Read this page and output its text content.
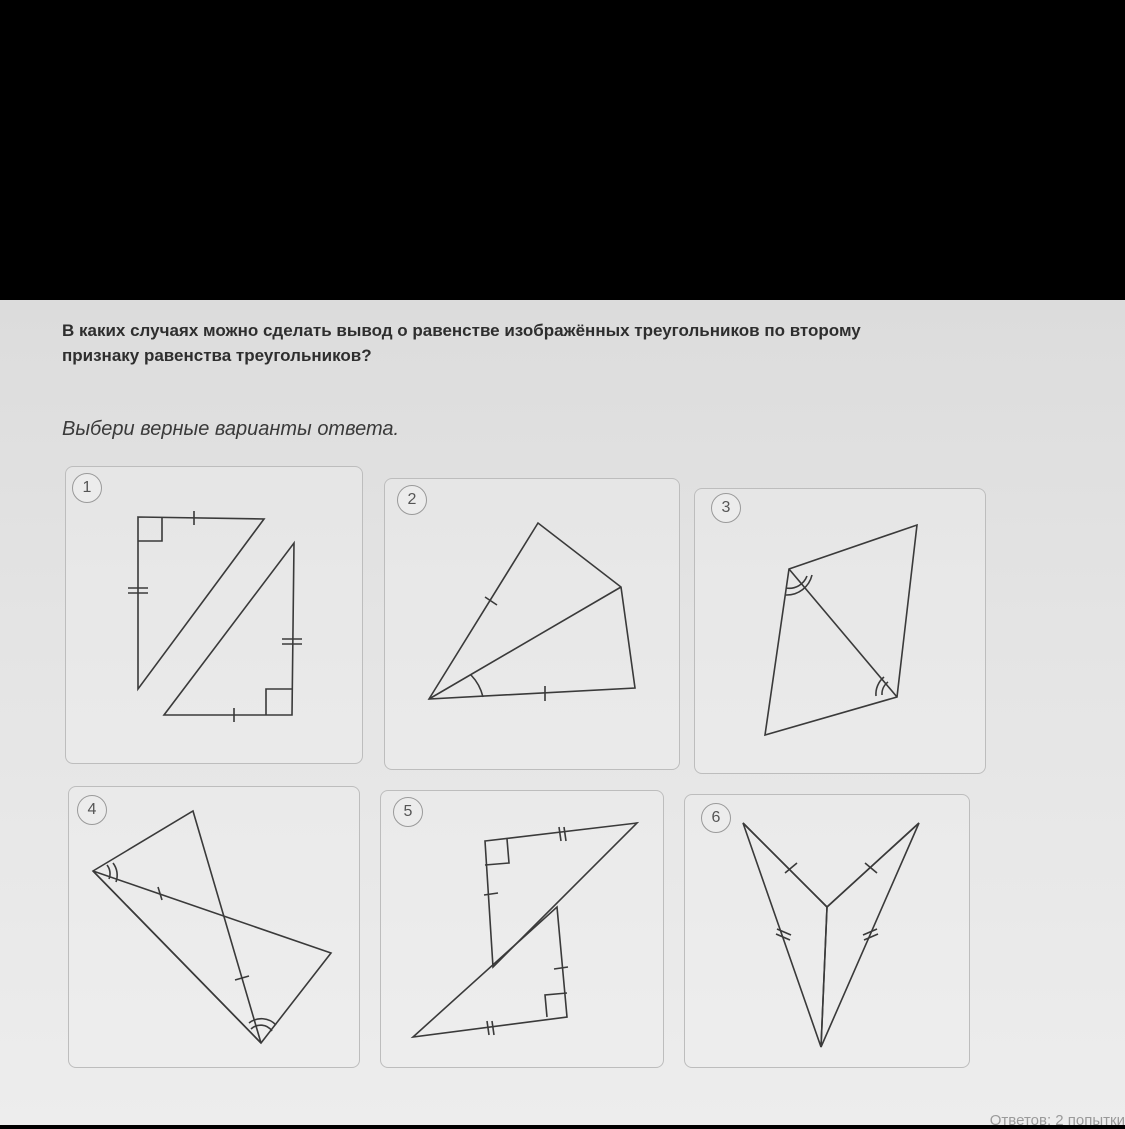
В каких случаях можно сделать вывод о равенстве изображённых треугольников по второму признаку равенства треугольников?
Выбери верные варианты ответа.
1
2	3
4	5	6
Ответов: 2 попытки
